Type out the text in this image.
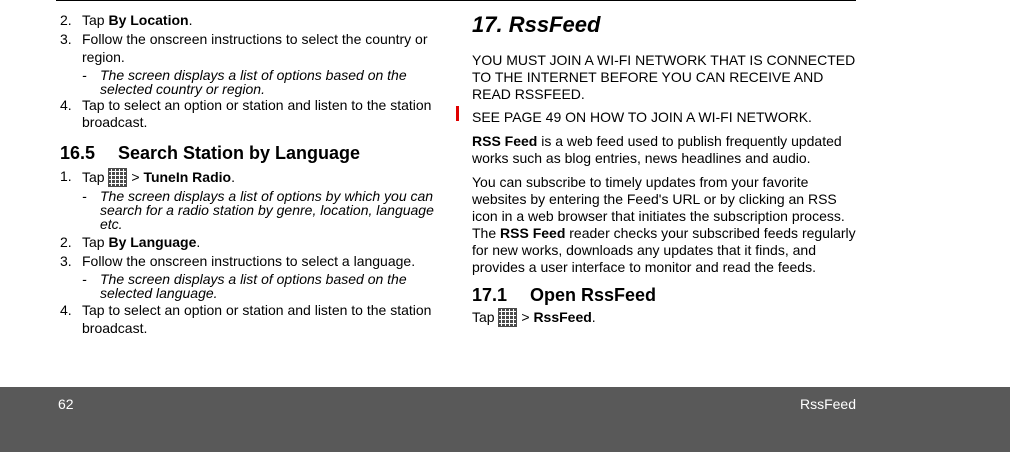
2. Tap By Location.
3. Follow the onscreen instructions to select the country or region.
- The screen displays a list of options based on the selected country or region.
4. Tap to select an option or station and listen to the station broadcast.
16.5 Search Station by Language
1. Tap  > TuneIn Radio.
- The screen displays a list of options by which you can search for a radio station by genre, location, language etc.
2. Tap By Language.
3. Follow the onscreen instructions to select a language.
- The screen displays a list of options based on the selected language.
4. Tap to select an option or station and listen to the station broadcast.
17. RssFeed

YOU MUST JOIN A WI-FI NETWORK THAT IS CONNECTED TO THE INTERNET BEFORE YOU CAN RECEIVE AND READ RSSFEED.

SEE PAGE 49 ON HOW TO JOIN A WI-FI NETWORK.

RSS Feed is a web feed used to publish frequently updated works such as blog entries, news headlines and audio.

You can subscribe to timely updates from your favorite websites by entering the Feed's URL or by clicking an RSS icon in a web browser that initiates the subscription process. The RSS Feed reader checks your subscribed feeds regularly for new works, downloads any updates that it finds, and provides a user interface to monitor and read the feeds.

17.1 Open RssFeed
Tap  > RssFeed.
62	RssFeed
